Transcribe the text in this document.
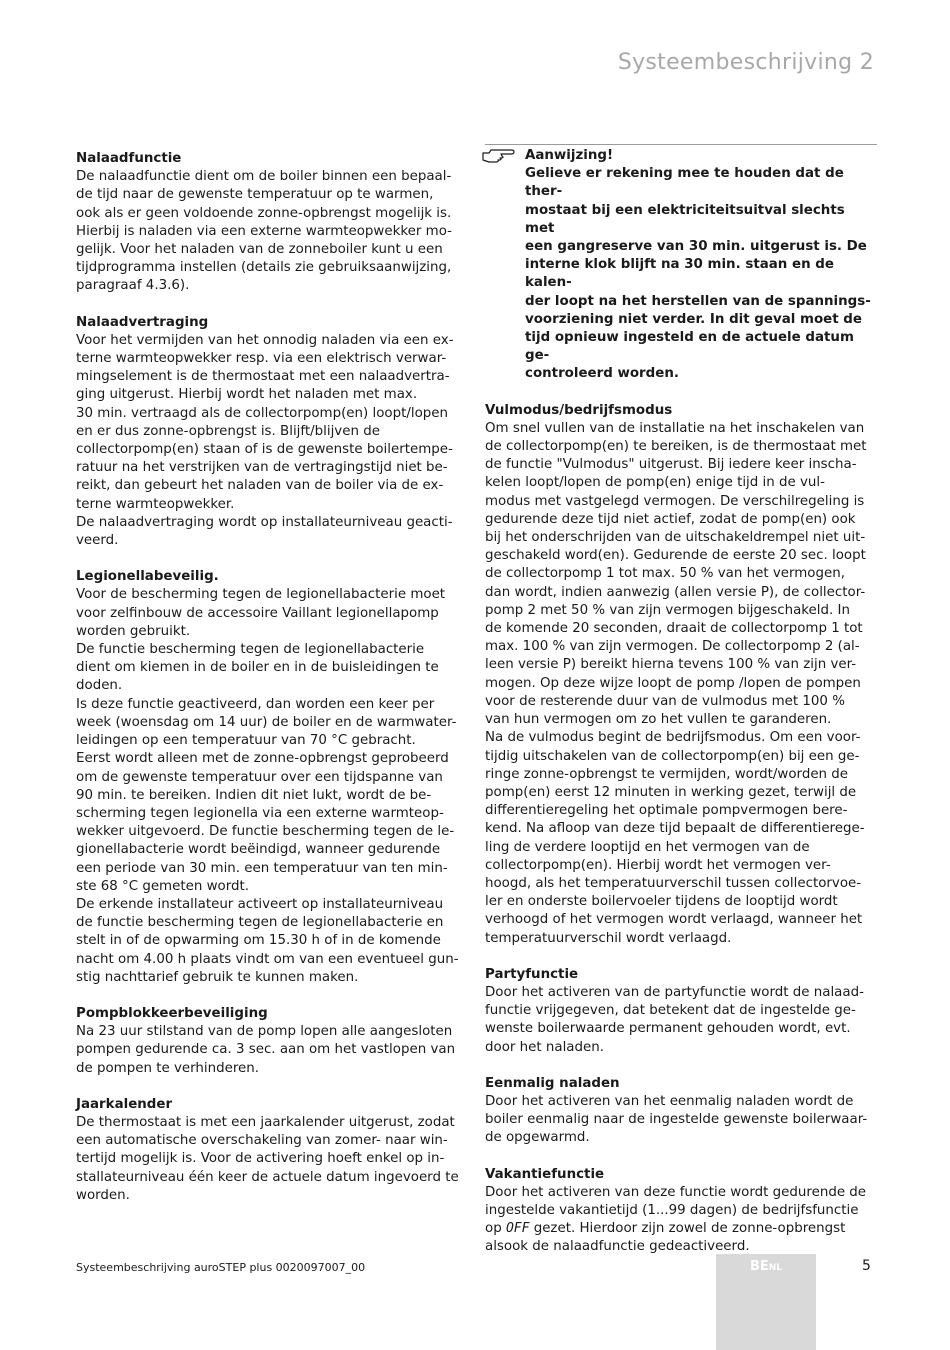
Systeembeschrijving 2
Nalaadfunctie

De nalaadfunctie dient om de boiler binnen een bepaal-
de tijd naar de gewenste temperatuur op te warmen,
ook als er geen voldoende zonne-opbrengst mogelijk is.
Hierbij is naladen via een externe warmteopwekker mo-
gelijk. Voor het naladen van de zonneboiler kunt u een
tijdprogramma instellen (details zie gebruiksaanwijzing,
paragraaf 4.3.6).

Nalaadvertraging

Voor het vermijden van het onnodig naladen via een ex-
terne warmteopwekker resp. via een elektrisch verwar-
mingselement is de thermostaat met een nalaadvertra-
ging uitgerust. Hierbij wordt het naladen met max.
30 min. vertraagd als de collectorpomp(en) loopt/lopen
en er dus zonne-opbrengst is. Blijft/blijven de
collectorpomp(en) staan of is de gewenste boilertempe-
ratuur na het verstrijken van de vertragingstijd niet be-
reikt, dan gebeurt het naladen van de boiler via de ex-
terne warmteopwekker.
De nalaadvertraging wordt op installateurniveau geacti-
veerd.

Legionellabeveilig.

Voor de bescherming tegen de legionellabacterie moet
voor zelfinbouw de accessoire Vaillant legionellapomp
worden gebruikt.
De functie bescherming tegen de legionellabacterie
dient om kiemen in de boiler en in de buisleidingen te
doden.
Is deze functie geactiveerd, dan worden een keer per
week (woensdag om 14 uur) de boiler en de warmwater-
leidingen op een temperatuur van 70 °C gebracht.
Eerst wordt alleen met de zonne-opbrengst geprobeerd
om de gewenste temperatuur over een tijdspanne van
90 min. te bereiken. Indien dit niet lukt, wordt de be-
scherming tegen legionella via een externe warmteop-
wekker uitgevoerd. De functie bescherming tegen de le-
gionellabacterie wordt beëindigd, wanneer gedurende
een periode van 30 min. een temperatuur van ten min-
ste 68 °C gemeten wordt.
De erkende installateur activeert op installateurniveau
de functie bescherming tegen de legionellabacterie en
stelt in of de opwarming om 15.30 h of in de komende
nacht om 4.00 h plaats vindt om van een eventueel gun-
stig nachttarief gebruik te kunnen maken.

Pompblokkeerbeveiliging

Na 23 uur stilstand van de pomp lopen alle aangesloten
pompen gedurende ca. 3 sec. aan om het vastlopen van
de pompen te verhinderen.

Jaarkalender

De thermostaat is met een jaarkalender uitgerust, zodat
een automatische overschakeling van zomer- naar win-
tertijd mogelijk is. Voor de activering hoeft enkel op in-
stallateurniveau één keer de actuele datum ingevoerd te
worden.

Aanwijzing!

Gelieve er rekening mee te houden dat de ther-
mostaat bij een elektriciteitsuitval slechts met
een gangreserve van 30 min. uitgerust is. De
interne klok blijft na 30 min. staan en de kalen-
der loopt na het herstellen van de spannings-
voorziening niet verder. In dit geval moet de
tijd opnieuw ingesteld en de actuele datum ge-
controleerd worden.

Vulmodus/bedrijfsmodus

Om snel vullen van de installatie na het inschakelen van
de collectorpomp(en) te bereiken, is de thermostaat met
de functie "Vulmodus" uitgerust. Bij iedere keer inscha-
kelen loopt/lopen de pomp(en) enige tijd in de vul-
modus met vastgelegd vermogen. De verschilregeling is
gedurende deze tijd niet actief, zodat de pomp(en) ook
bij het onderschrijden van de uitschakeldrempel niet uit-
geschakeld word(en). Gedurende de eerste 20 sec. loopt
de collectorpomp 1 tot max. 50 % van het vermogen,
dan wordt, indien aanwezig (allen versie P), de collector-
pomp 2 met 50 % van zijn vermogen bijgeschakeld. In
de komende 20 seconden, draait de collectorpomp 1 tot
max. 100 % van zijn vermogen. De collectorpomp 2 (al-
leen versie P) bereikt hierna tevens 100 % van zijn ver-
mogen. Op deze wijze loopt de pomp /lopen de pompen
voor de resterende duur van de vulmodus met 100 %
van hun vermogen om zo het vullen te garanderen.
Na de vulmodus begint de bedrijfsmodus. Om een voor-
tijdig uitschakelen van de collectorpomp(en) bij een ge-
ringe zonne-opbrengst te vermijden, wordt/worden de
pomp(en) eerst 12 minuten in werking gezet, terwijl de
differentieregeling het optimale pompvermogen bere-
kend. Na afloop van deze tijd bepaalt de differentierege-
ling de verdere looptijd en het vermogen van de
collectorpomp(en). Hierbij wordt het vermogen ver-
hoogd, als het temperatuurverschil tussen collectorvoe-
ler en onderste boilervoeler tijdens de looptijd wordt
verhoogd of het vermogen wordt verlaagd, wanneer het
temperatuurverschil wordt verlaagd.

Partyfunctie

Door het activeren van de partyfunctie wordt de nalaad-
functie vrijgegeven, dat betekent dat de ingestelde ge-
wenste boilerwaarde permanent gehouden wordt, evt.
door het naladen.

Eenmalig naladen

Door het activeren van het eenmalig naladen wordt de
boiler eenmalig naar de ingestelde gewenste boilerwaar-
de opgewarmd.

Vakantiefunctie

Door het activeren van deze functie wordt gedurende de
ingestelde vakantietijd (1...99 dagen) de bedrijfsfunctie
op OFF gezet. Hierdoor zijn zowel de zonne-opbrengst
alsook de nalaadfunctie gedeactiveerd.

Systeembeschrijving auroSTEP plus 0020097007_00	BENL	5
